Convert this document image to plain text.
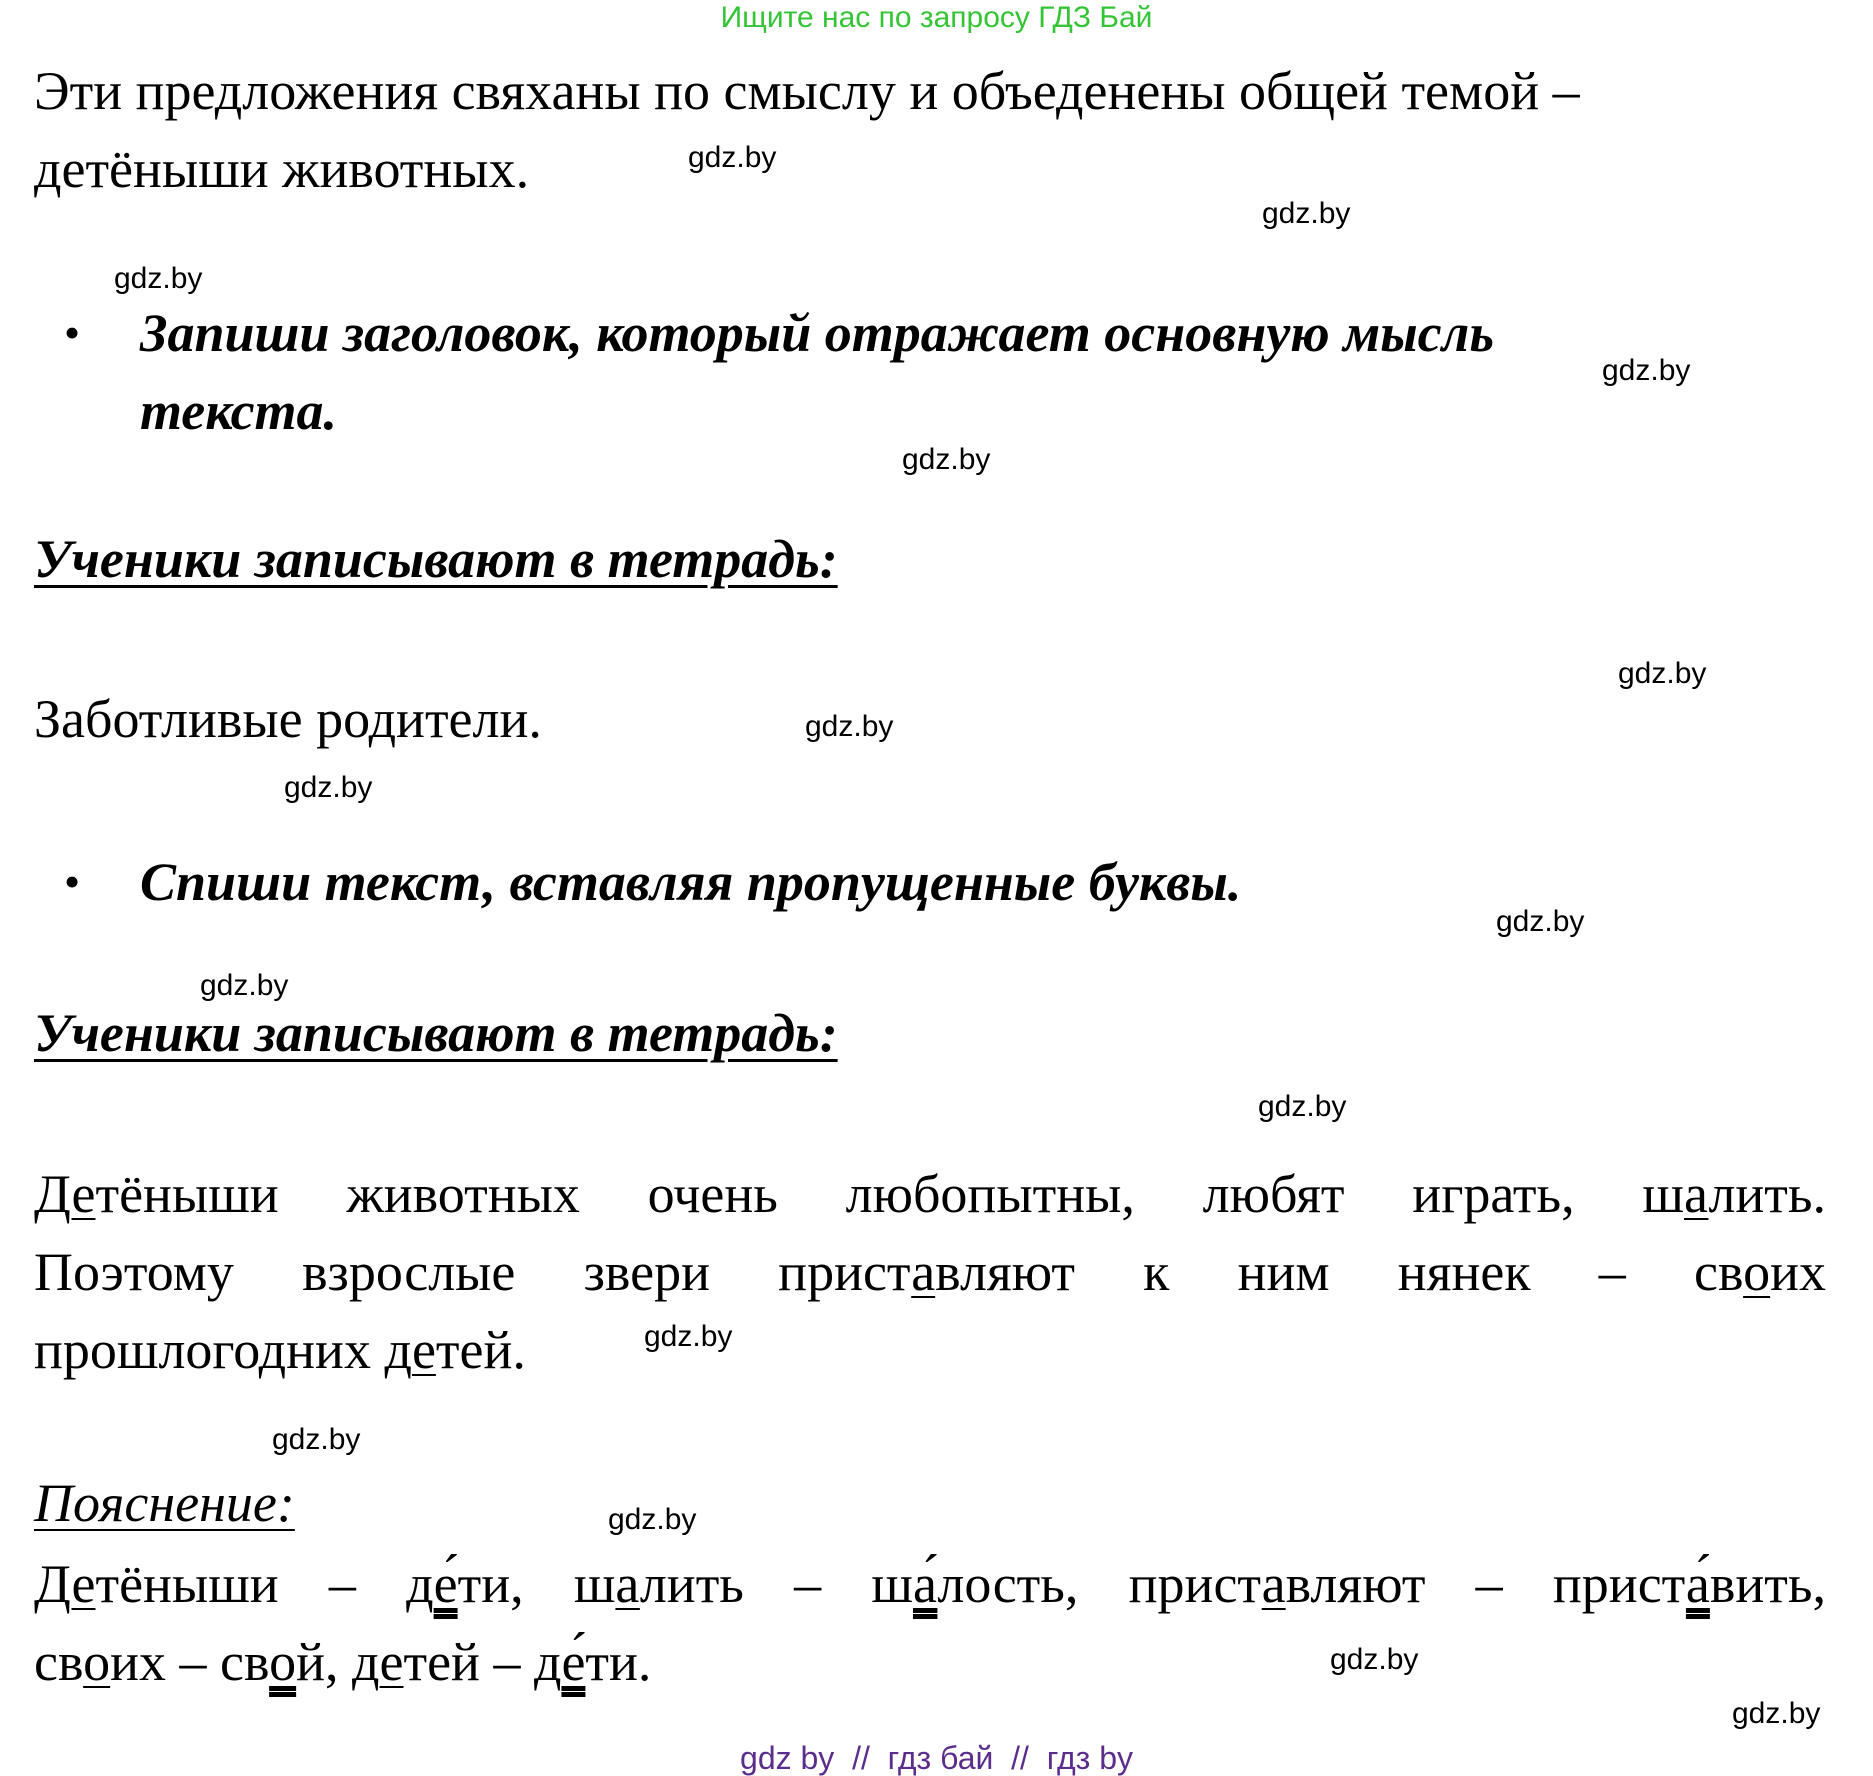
Ищите нас по запросу ГДЗ Бай
Эти предложения свяханы по смыслу и объеденены общей темой –
детёныши животных.
• Запиши заголовок, который отражает основную мысль
текста.
Ученики записывают в тетрадь:
Заботливые родители.
• Спиши текст, вставляя пропущенные буквы.
Ученики записывают в тетрадь:
Детёныши животных очень любопытны, любят играть, шалить.
Поэтому взрослые звери приставляют к ним нянек – своих
прошлогодних детей.
Пояснение:
Детёныши – де́ти, шалить – ша́лость, приставляют – приста́вить,
своих – свой, детей – де́ти.
gdz.by
gdz.by
gdz.by
gdz.by
gdz.by
gdz.by
gdz.by
gdz.by
gdz.by
gdz.by
gdz.by
gdz.by
gdz.by
gdz.by
gdz.by
gdz.by
gdz by  //  гдз бай  //  гдз by
